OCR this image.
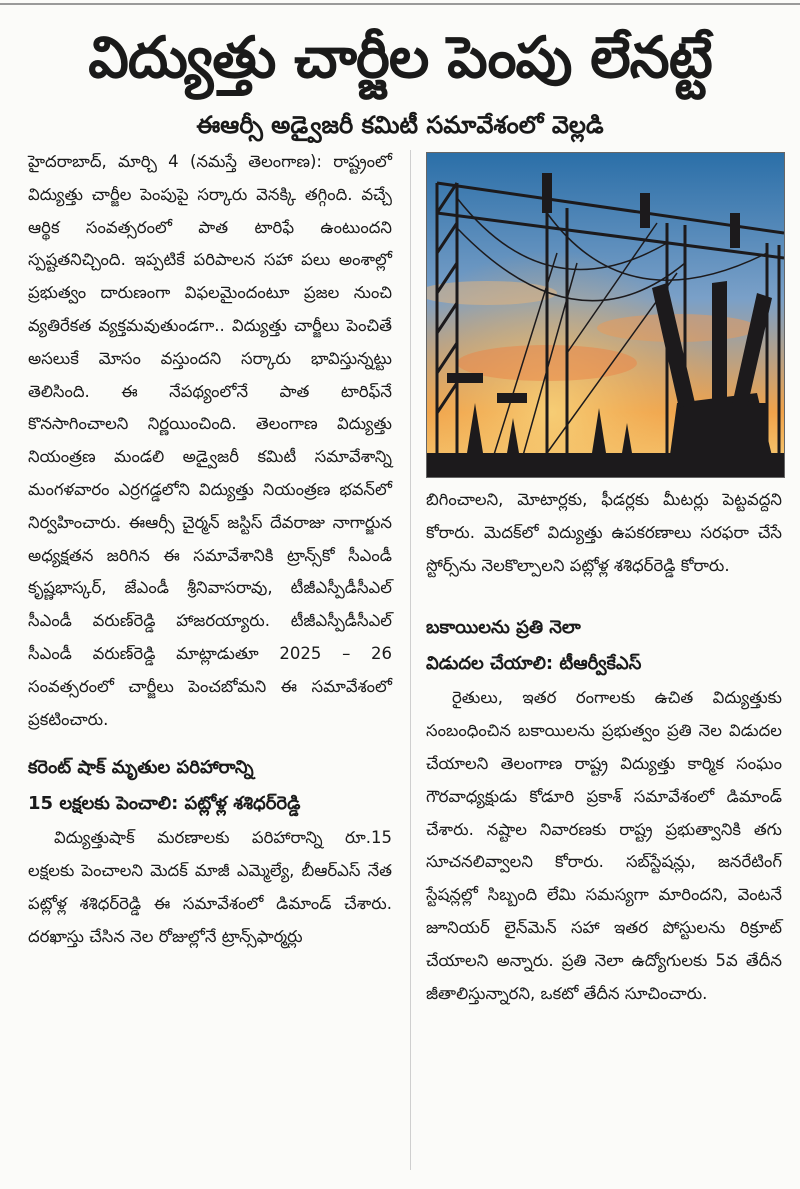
విద్యుత్తు చార్జీల పెంపు లేనట్టే
ఈఆర్సీ అడ్వైజరీ కమిటీ సమావేశంలో వెల్లడి

హైదరాబాద్, మార్చి 4 (నమస్తే తెలంగాణ): రాష్ట్రంలో విద్యుత్తు చార్జీల పెంపుపై సర్కారు వెనక్కి తగ్గింది. వచ్చే ఆర్థిక సంవత్సరంలో పాత టారిఫే ఉంటుందని స్పష్టతనిచ్చింది. ఇప్పటికే పరిపాలన సహా పలు అంశాల్లో ప్రభుత్వం దారుణంగా విఫలమైందంటూ ప్రజల నుంచి వ్యతిరేకత వ్యక్తమవుతుండగా.. విద్యుత్తు చార్జీలు పెంచితే అసలుకే మోసం వస్తుందని సర్కారు భావిస్తున్నట్టు తెలిసింది. ఈ నేపథ్యంలోనే పాత టారిఫ్‌నే కొనసాగించాలని నిర్ణయించింది. తెలంగాణ విద్యుత్తు నియంత్రణ మండలి అడ్వైజరీ కమిటీ సమావేశాన్ని మంగళవారం ఎర్రగడ్డలోని విద్యుత్తు నియంత్రణ భవన్‌లో నిర్వహించారు. ఈఆర్సీ చైర్మన్ జస్టిస్ దేవరాజు నాగార్జున అధ్యక్షతన జరిగిన ఈ సమావేశానికి ట్రాన్స్‌కో సీఎండీ కృష్ణభాస్కర్, జేఎండీ శ్రీనివాసరావు, టీజీఎస్పీడీసీఎల్ సీఎండీ వరుణ్‌రెడ్డి హాజరయ్యారు. టీజీఎస్పీడీసీఎల్ సీఎండీ వరుణ్‌రెడ్డి మాట్లాడుతూ 2025 – 26 సంవత్సరంలో చార్జీలు పెంచబోమని ఈ సమావేశంలో ప్రకటించారు.

కరెంట్ షాక్ మృతుల పరిహారాన్ని
15 లక్షలకు పెంచాలి: పట్లోళ్ల శశిధర్‌రెడ్డి

విద్యుత్తుషాక్ మరణాలకు పరిహారాన్ని రూ.15 లక్షలకు పెంచాలని మెదక్ మాజీ ఎమ్మెల్యే, బీఆర్ఎస్ నేత పట్లోళ్ల శశిధర్‌రెడ్డి ఈ సమావేశంలో డిమాండ్ చేశారు. దరఖాస్తు చేసిన నెల రోజుల్లోనే ట్రాన్స్‌ఫార్మర్లు

బిగించాలని, మోటార్లకు, ఫీడర్లకు మీటర్లు పెట్టవద్దని కోరారు. మెదక్‌లో విద్యుత్తు ఉపకరణాలు సరఫరా చేసే స్టోర్స్‌ను నెలకొల్పాలని పట్లోళ్ల శశిధర్‌రెడ్డి కోరారు.

బకాయిలను ప్రతి నెలా
విడుదల చేయాలి: టీఆర్వీకేఎస్

రైతులు, ఇతర రంగాలకు ఉచిత విద్యుత్తుకు సంబంధించిన బకాయిలను ప్రభుత్వం ప్రతి నెల విడుదల చేయాలని తెలంగాణ రాష్ట్ర విద్యుత్తు కార్మిక సంఘం గౌరవాధ్యక్షుడు కోడూరి ప్రకాశ్ సమావేశంలో డిమాండ్ చేశారు. నష్టాల నివారణకు రాష్ట్ర ప్రభుత్వానికి తగు సూచనలివ్వాలని కోరారు. సబ్‌స్టేషన్లు, జనరేటింగ్ స్టేషన్లల్లో సిబ్బంది లేమి సమస్యగా మారిందని, వెంటనే జూనియర్ లైన్‌మెన్ సహా ఇతర పోస్టులను రిక్రూట్ చేయాలని అన్నారు. ప్రతి నెలా ఉద్యోగులకు 5వ తేదీన జీతాలిస్తున్నారని, ఒకటో తేదీన సూచించారు.
